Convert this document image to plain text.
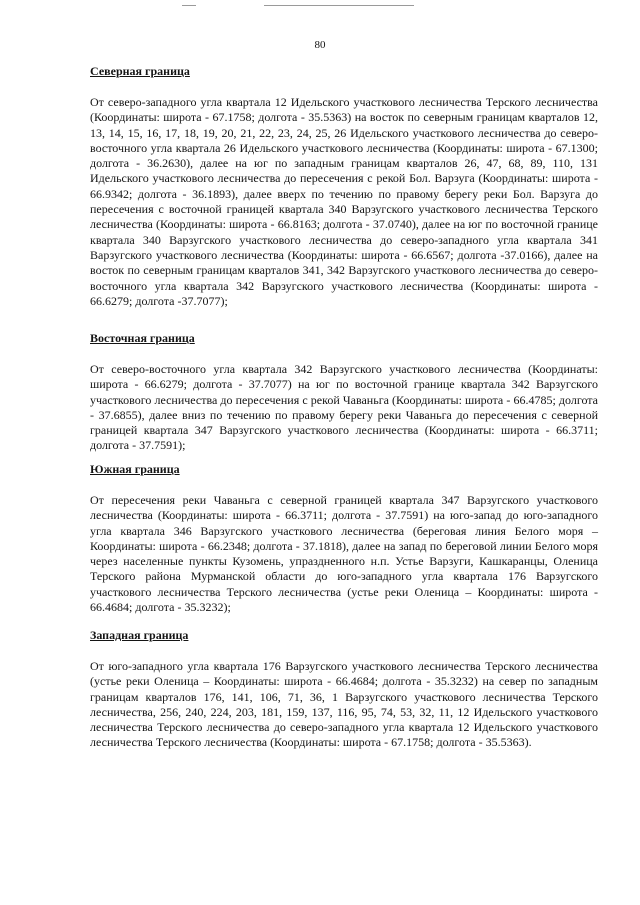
80
Северная граница

От северо-западного угла квартала 12 Идельского участкового лесничества Терского лесничества (Координаты: широта - 67.1758; долгота - 35.5363) на восток по северным границам кварталов 12, 13, 14, 15, 16, 17, 18, 19, 20, 21, 22, 23, 24, 25, 26 Идельского участкового лесничества до северо-восточного угла квартала 26 Идельского участкового лесничества (Координаты: широта - 67.1300; долгота - 36.2630), далее на юг по западным границам кварталов 26, 47, 68, 89, 110, 131 Идельского участкового лесничества до пересечения с рекой Бол. Варзуга (Координаты: широта - 66.9342; долгота - 36.1893), далее вверх по течению по правому берегу реки Бол. Варзуга до пересечения с восточной границей квартала 340 Варзугского участкового лесничества Терского лесничества (Координаты: широта - 66.8163; долгота - 37.0740), далее на юг по восточной границе квартала 340 Варзугского участкового лесничества до северо-западного угла квартала 341 Варзугского участкового лесничества (Координаты: широта - 66.6567; долгота -37.0166), далее на восток по северным границам кварталов 341, 342 Варзугского участкового лесничества до северо-восточного угла квартала 342 Варзугского участкового лесничества (Координаты: широта - 66.6279; долгота -37.7077);

Восточная граница

От северо-восточного угла квартала 342 Варзугского участкового лесничества (Координаты: широта - 66.6279; долгота - 37.7077) на юг по восточной границе квартала 342 Варзугского участкового лесничества до пересечения с рекой Чаваньга (Координаты: широта - 66.4785; долгота - 37.6855), далее вниз по течению по правому берегу реки Чаваньга до пересечения с северной границей квартала 347 Варзугского участкового лесничества (Координаты: широта - 66.3711; долгота - 37.7591);

Южная граница

От пересечения реки Чаваньга с северной границей квартала 347 Варзугского участкового лесничества (Координаты: широта - 66.3711; долгота - 37.7591) на юго-запад до юго-западного угла квартала 346 Варзугского участкового лесничества (береговая линия Белого моря – Координаты: широта - 66.2348; долгота - 37.1818), далее на запад по береговой линии Белого моря через населенные пункты Кузомень, упраздненного н.п. Устье Варзуги, Кашкаранцы, Оленица Терского района Мурманской области до юго-западного угла квартала 176 Варзугского участкового лесничества Терского лесничества (устье реки Оленица – Координаты: широта - 66.4684; долгота - 35.3232);

Западная граница

От юго-западного угла квартала 176 Варзугского участкового лесничества Терского лесничества (устье реки Оленица – Координаты: широта - 66.4684; долгота - 35.3232) на север по западным границам кварталов 176, 141, 106, 71, 36, 1 Варзугского участкового лесничества Терского лесничества, 256, 240, 224, 203, 181, 159, 137, 116, 95, 74, 53, 32, 11, 12 Идельского участкового лесничества Терского лесничества до северо-западного угла квартала 12 Идельского участкового лесничества Терского лесничества (Координаты: широта - 67.1758; долгота - 35.5363).
